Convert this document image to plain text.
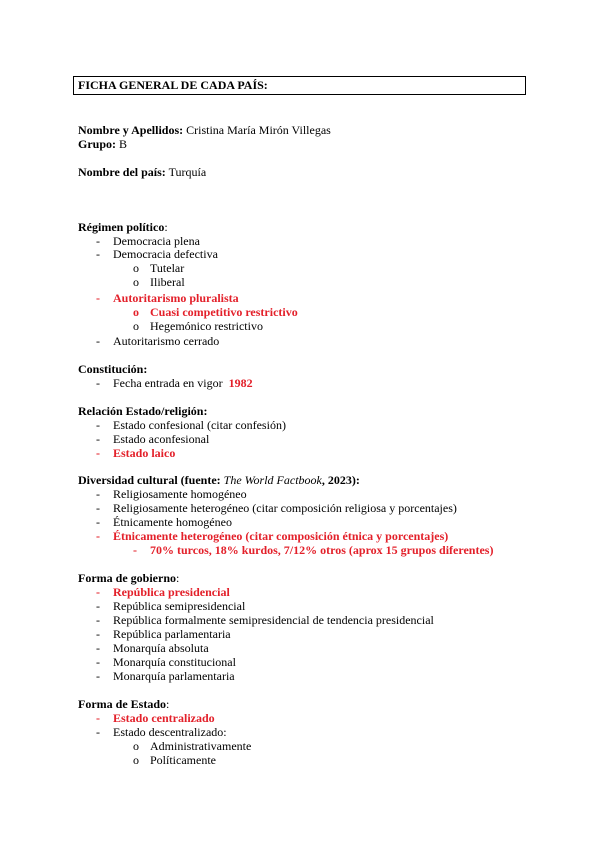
FICHA GENERAL DE CADA PAÍS:
Nombre y Apellidos: Cristina María Mirón Villegas
Grupo: B
Nombre del país: Turquía
Régimen político:
- Democracia plena
- Democracia defectiva
o Tutelar
o Iliberal
- Autoritarismo pluralista
o Cuasi competitivo restrictivo
o Hegemónico restrictivo
- Autoritarismo cerrado
Constitución:
- Fecha entrada en vigor 1982
Relación Estado/religión:
- Estado confesional (citar confesión)
- Estado aconfesional
- Estado laico
Diversidad cultural (fuente: The World Factbook, 2023):
- Religiosamente homogéneo
- Religiosamente heterogéneo (citar composición religiosa y porcentajes)
- Étnicamente homogéneo
- Étnicamente heterogéneo (citar composición étnica y porcentajes)
- 70% turcos, 18% kurdos, 7/12% otros (aprox 15 grupos diferentes)
Forma de gobierno:
- República presidencial
- República semipresidencial
- República formalmente semipresidencial de tendencia presidencial
- República parlamentaria
- Monarquía absoluta
- Monarquía constitucional
- Monarquía parlamentaria
Forma de Estado:
- Estado centralizado
- Estado descentralizado:
o Administrativamente
o Políticamente
